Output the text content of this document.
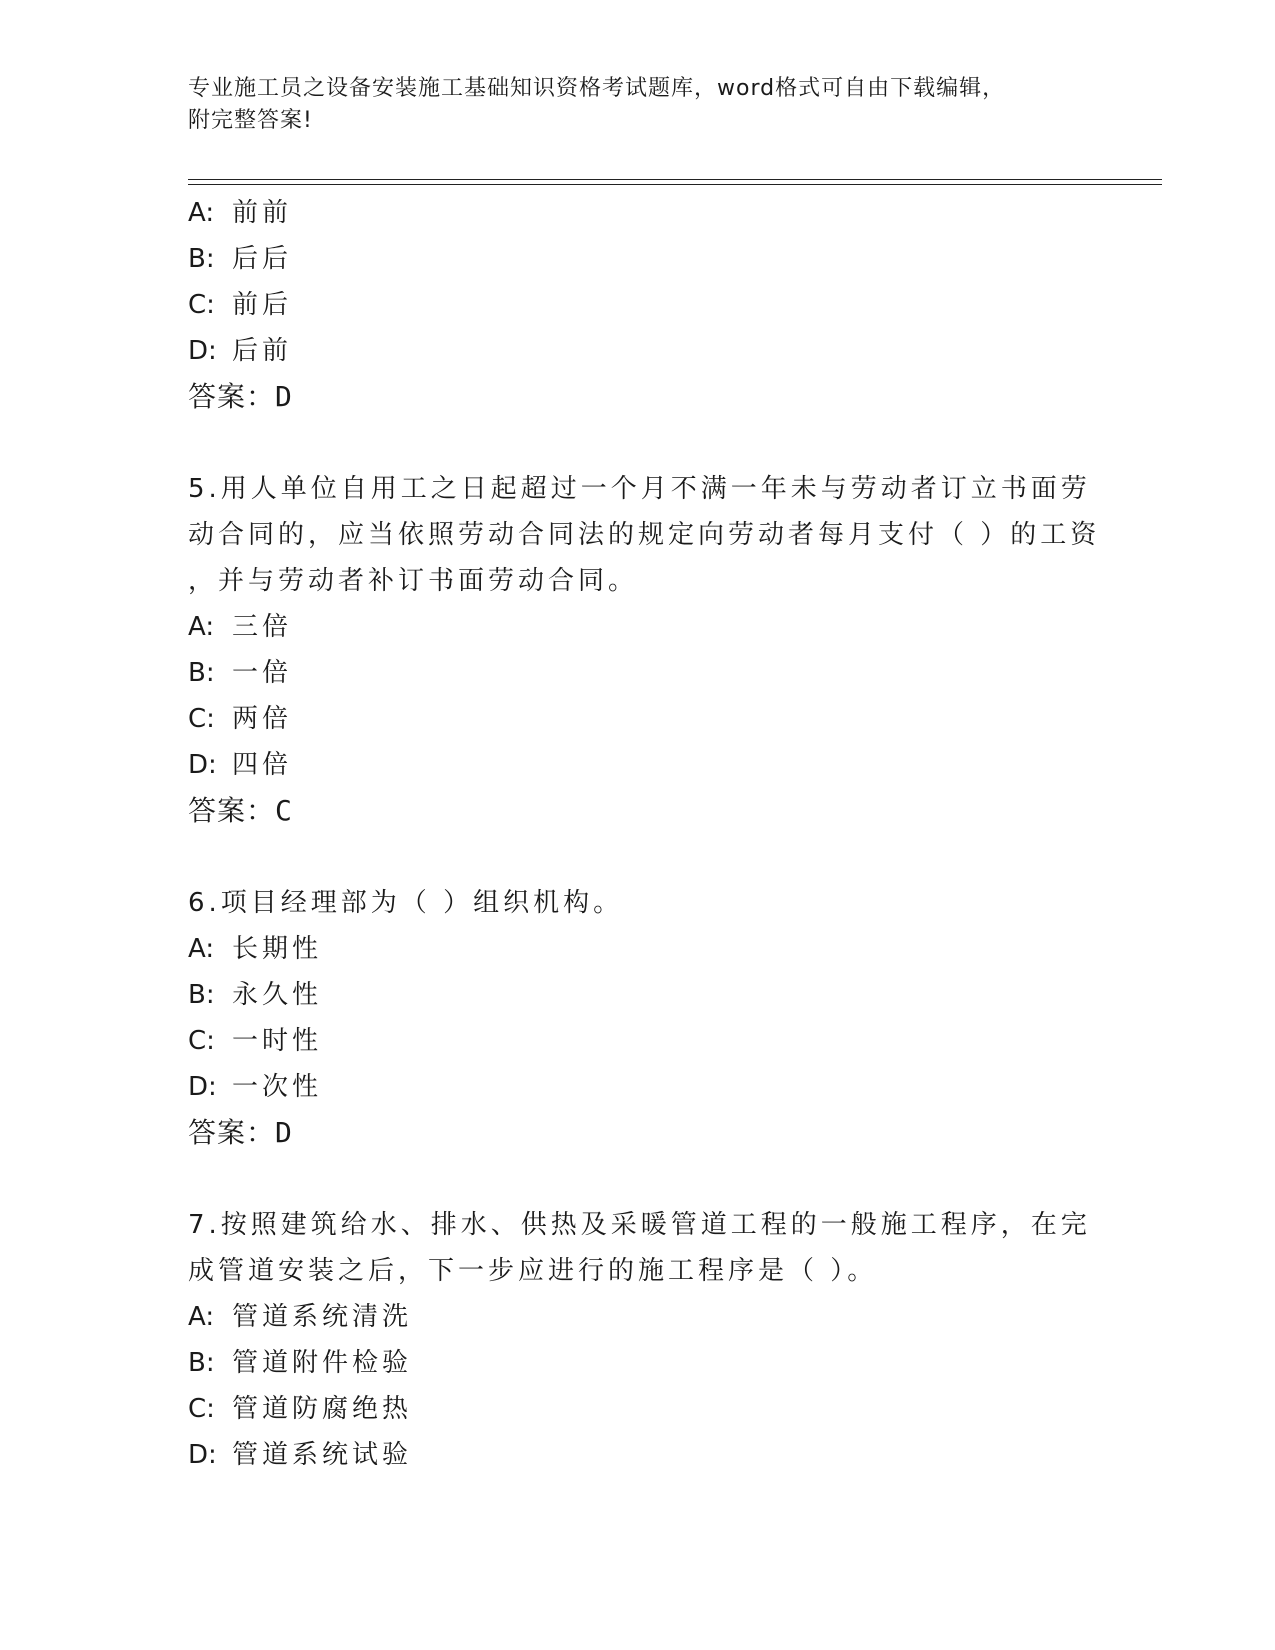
专业施工员之设备安装施工基础知识资格考试题库，word格式可自由下载编辑，
附完整答案!
A: 前前
B: 后后
C: 前后
D: 后前
答案：D
5.用人单位自用工之日起超过一个月不满一年未与劳动者订立书面劳
动合同的，应当依照劳动合同法的规定向劳动者每月支付（ ）的工资
，并与劳动者补订书面劳动合同。
A: 三倍
B: 一倍
C: 两倍
D: 四倍
答案：C
6.项目经理部为（ ）组织机构。
A: 长期性
B: 永久性
C: 一时性
D: 一次性
答案：D
7.按照建筑给水、排水、供热及采暖管道工程的一般施工程序，在完
成管道安装之后，下一步应进行的施工程序是（ ）。
A: 管道系统清洗
B: 管道附件检验
C: 管道防腐绝热
D: 管道系统试验
